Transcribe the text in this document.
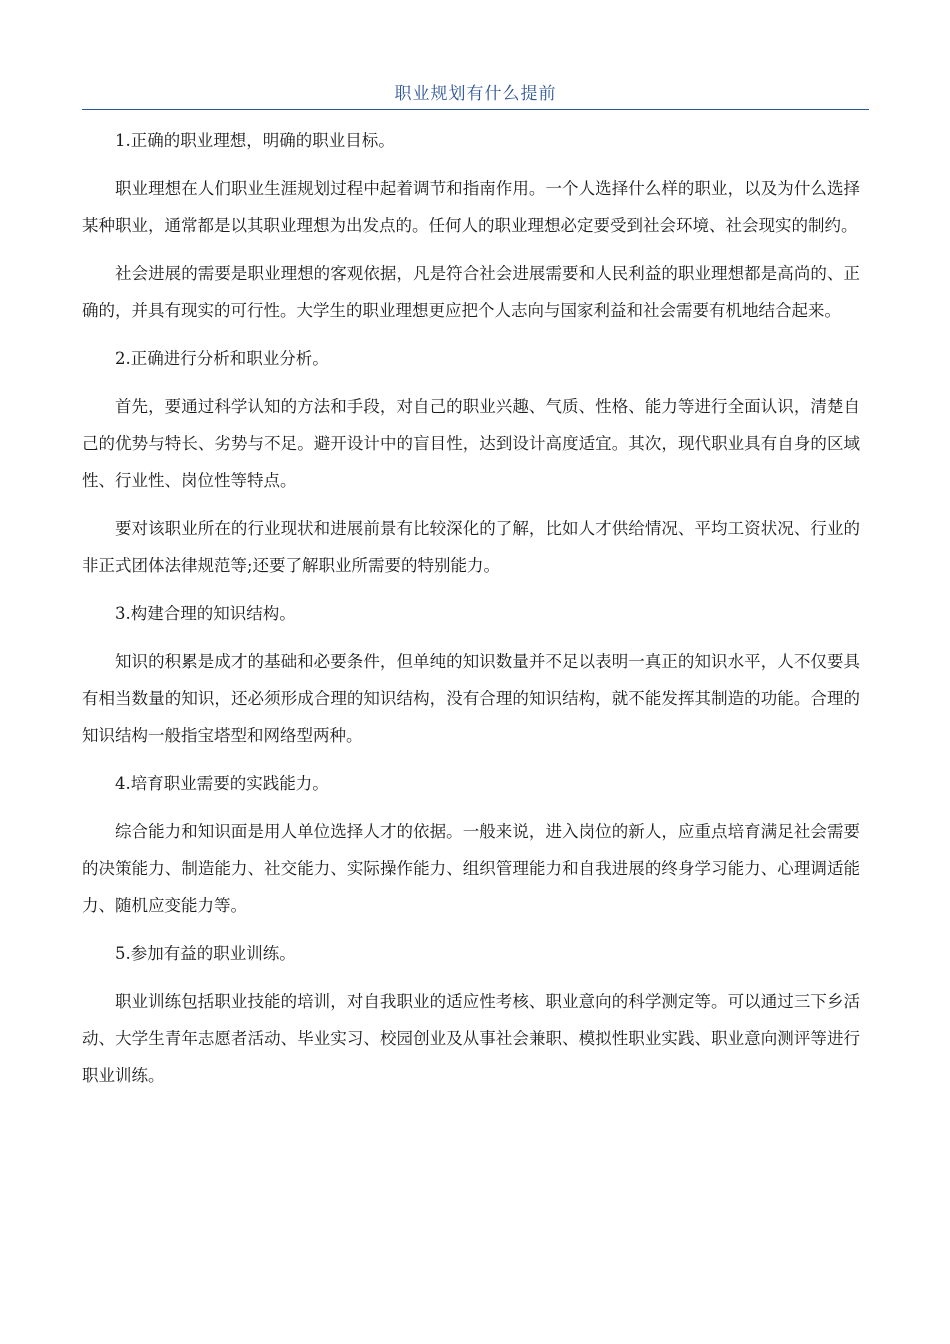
职业规划有什么提前

1.正确的职业理想，明确的职业目标。

职业理想在人们职业生涯规划过程中起着调节和指南作用。一个人选择什么样的职业，以及为什么选择某种职业，通常都是以其职业理想为出发点的。任何人的职业理想必定要受到社会环境、社会现实的制约。

社会进展的需要是职业理想的客观依据，凡是符合社会进展需要和人民利益的职业理想都是高尚的、正确的，并具有现实的可行性。大学生的职业理想更应把个人志向与国家利益和社会需要有机地结合起来。

2.正确进行分析和职业分析。

首先，要通过科学认知的方法和手段，对自己的职业兴趣、气质、性格、能力等进行全面认识，清楚自己的优势与特长、劣势与不足。避开设计中的盲目性，达到设计高度适宜。其次，现代职业具有自身的区域性、行业性、岗位性等特点。

要对该职业所在的行业现状和进展前景有比较深化的了解，比如人才供给情况、平均工资状况、行业的非正式团体法律规范等;还要了解职业所需要的特别能力。

3.构建合理的知识结构。

知识的积累是成才的基础和必要条件，但单纯的知识数量并不足以表明一真正的知识水平，人不仅要具有相当数量的知识，还必须形成合理的知识结构，没有合理的知识结构，就不能发挥其制造的功能。合理的知识结构一般指宝塔型和网络型两种。

4.培育职业需要的实践能力。

综合能力和知识面是用人单位选择人才的依据。一般来说，进入岗位的新人，应重点培育满足社会需要的决策能力、制造能力、社交能力、实际操作能力、组织管理能力和自我进展的终身学习能力、心理调适能力、随机应变能力等。

5.参加有益的职业训练。

职业训练包括职业技能的培训，对自我职业的适应性考核、职业意向的科学测定等。可以通过三下乡活动、大学生青年志愿者活动、毕业实习、校园创业及从事社会兼职、模拟性职业实践、职业意向测评等进行职业训练。
